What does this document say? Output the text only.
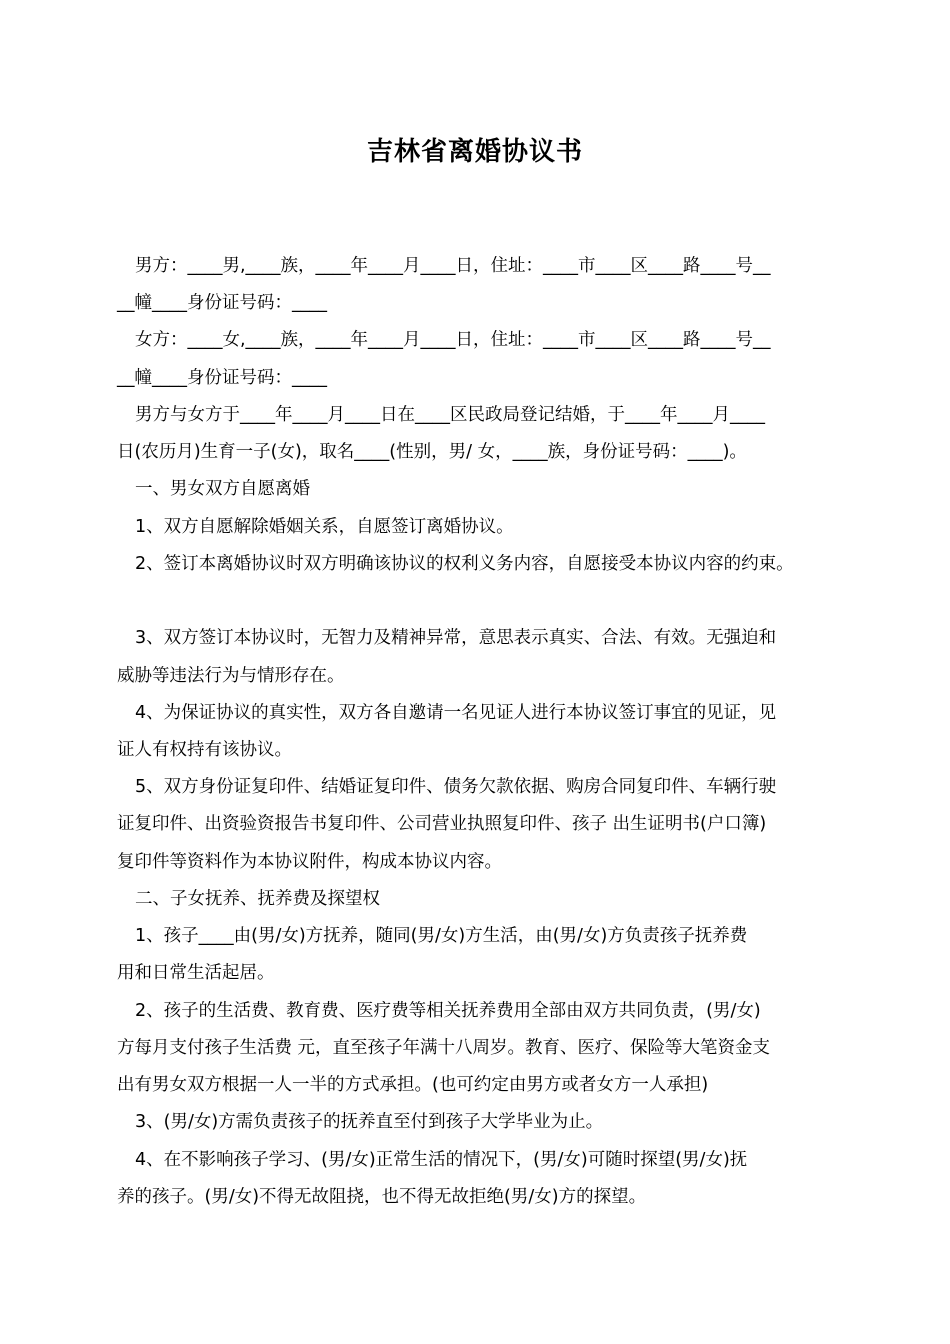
吉林省离婚协议书
男方：____男,____族，____年____月____日，住址：____市____区____路____号__
__幢____身份证号码：____
女方：____女,____族，____年____月____日，住址：____市____区____路____号__
__幢____身份证号码：____
男方与女方于____年____月____日在____区民政局登记结婚，于____年____月____
日(农历月)生育一子(女)，取名____(性别，男/ 女，____族，身份证号码：____)。
一、男女双方自愿离婚
1、双方自愿解除婚姻关系，自愿签订离婚协议。
2、签订本离婚协议时双方明确该协议的权利义务内容，自愿接受本协议内容的约束。
3、双方签订本协议时，无智力及精神异常，意思表示真实、合法、有效。无强迫和
威胁等违法行为与情形存在。
4、为保证协议的真实性，双方各自邀请一名见证人进行本协议签订事宜的见证，见
证人有权持有该协议。
5、双方身份证复印件、结婚证复印件、债务欠款依据、购房合同复印件、车辆行驶
证复印件、出资验资报告书复印件、公司营业执照复印件、孩子 出生证明书(户口簿)
复印件等资料作为本协议附件，构成本协议内容。
二、子女抚养、抚养费及探望权
1、孩子____由(男/女)方抚养，随同(男/女)方生活，由(男/女)方负责孩子抚养费
用和日常生活起居。
2、孩子的生活费、教育费、医疗费等相关抚养费用全部由双方共同负责，(男/女)
方每月支付孩子生活费 元，直至孩子年满十八周岁。教育、医疗、保险等大笔资金支
出有男女双方根据一人一半的方式承担。(也可约定由男方或者女方一人承担)
3、(男/女)方需负责孩子的抚养直至付到孩子大学毕业为止。
4、在不影响孩子学习、(男/女)正常生活的情况下，(男/女)可随时探望(男/女)抚
养的孩子。(男/女)不得无故阻挠，也不得无故拒绝(男/女)方的探望。
